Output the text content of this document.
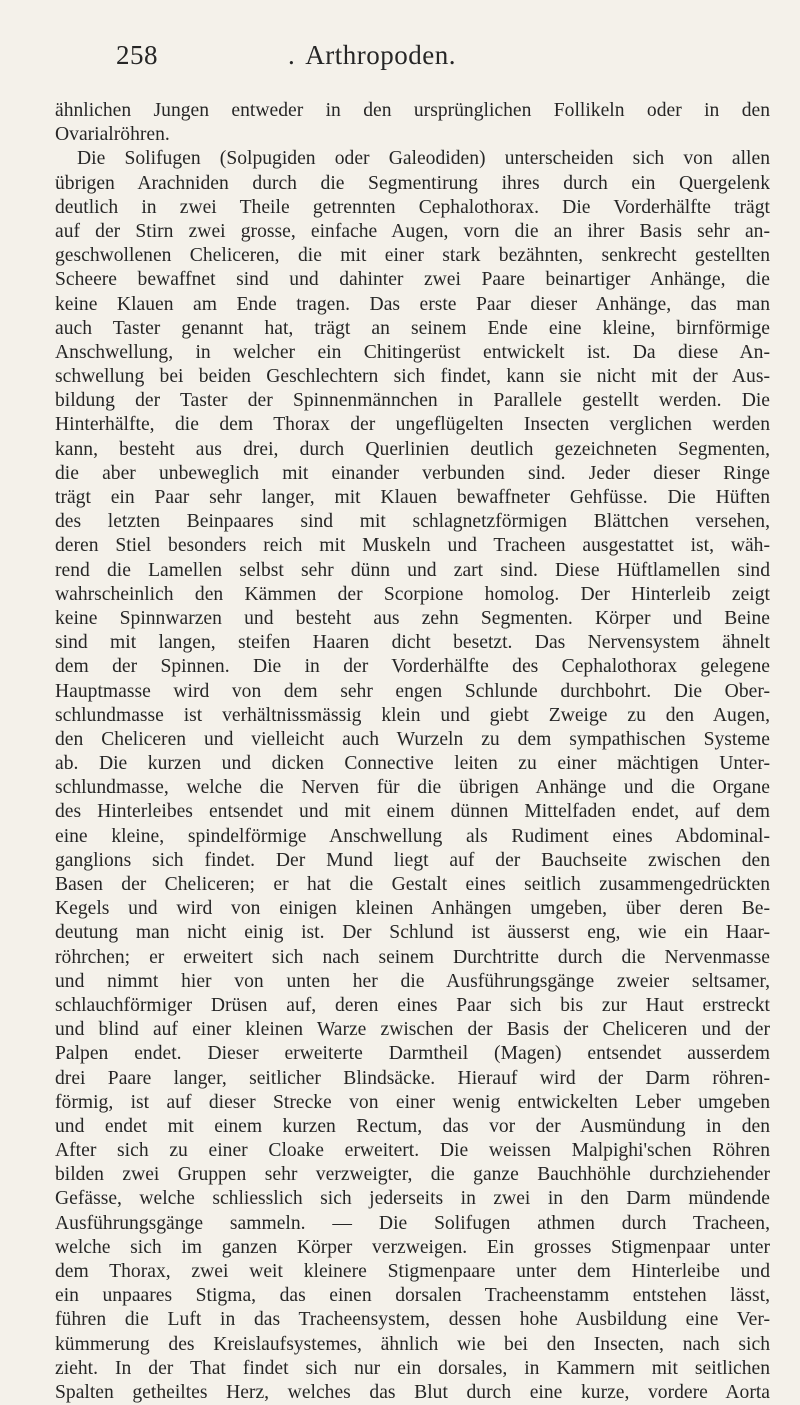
258	. Arthropoden.
ähnlichen Jungen entweder in den ursprünglichen Follikeln oder in den
Ovarialröhren.
Die Solifugen (Solpugiden oder Galeodiden) unterscheiden sich von allen
übrigen Arachniden durch die Segmentirung ihres durch ein Quergelenk
deutlich in zwei Theile getrennten Cephalothorax. Die Vorderhälfte trägt
auf der Stirn zwei grosse, einfache Augen, vorn die an ihrer Basis sehr an-
geschwollenen Cheliceren, die mit einer stark bezähnten, senkrecht gestellten
Scheere bewaffnet sind und dahinter zwei Paare beinartiger Anhänge, die
keine Klauen am Ende tragen. Das erste Paar dieser Anhänge, das man
auch Taster genannt hat, trägt an seinem Ende eine kleine, birnförmige
Anschwellung, in welcher ein Chitingerüst entwickelt ist. Da diese An-
schwellung bei beiden Geschlechtern sich findet, kann sie nicht mit der Aus-
bildung der Taster der Spinnenmännchen in Parallele gestellt werden. Die
Hinterhälfte, die dem Thorax der ungeflügelten Insecten verglichen werden
kann, besteht aus drei, durch Querlinien deutlich gezeichneten Segmenten,
die aber unbeweglich mit einander verbunden sind. Jeder dieser Ringe
trägt ein Paar sehr langer, mit Klauen bewaffneter Gehfüsse. Die Hüften
des letzten Beinpaares sind mit schlagnetzförmigen Blättchen versehen,
deren Stiel besonders reich mit Muskeln und Tracheen ausgestattet ist, wäh-
rend die Lamellen selbst sehr dünn und zart sind. Diese Hüftlamellen sind
wahrscheinlich den Kämmen der Scorpione homolog. Der Hinterleib zeigt
keine Spinnwarzen und besteht aus zehn Segmenten. Körper und Beine
sind mit langen, steifen Haaren dicht besetzt. Das Nervensystem ähnelt
dem der Spinnen. Die in der Vorderhälfte des Cephalothorax gelegene
Hauptmasse wird von dem sehr engen Schlunde durchbohrt. Die Ober-
schlundmasse ist verhältnissmässig klein und giebt Zweige zu den Augen,
den Cheliceren und vielleicht auch Wurzeln zu dem sympathischen Systeme
ab. Die kurzen und dicken Connective leiten zu einer mächtigen Unter-
schlundmasse, welche die Nerven für die übrigen Anhänge und die Organe
des Hinterleibes entsendet und mit einem dünnen Mittelfaden endet, auf dem
eine kleine, spindelförmige Anschwellung als Rudiment eines Abdominal-
ganglions sich findet. Der Mund liegt auf der Bauchseite zwischen den
Basen der Cheliceren; er hat die Gestalt eines seitlich zusammengedrückten
Kegels und wird von einigen kleinen Anhängen umgeben, über deren Be-
deutung man nicht einig ist. Der Schlund ist äusserst eng, wie ein Haar-
röhrchen; er erweitert sich nach seinem Durchtritte durch die Nervenmasse
und nimmt hier von unten her die Ausführungsgänge zweier seltsamer,
schlauchförmiger Drüsen auf, deren eines Paar sich bis zur Haut erstreckt
und blind auf einer kleinen Warze zwischen der Basis der Cheliceren und der
Palpen endet. Dieser erweiterte Darmtheil (Magen) entsendet ausserdem
drei Paare langer, seitlicher Blindsäcke. Hierauf wird der Darm röhren-
förmig, ist auf dieser Strecke von einer wenig entwickelten Leber umgeben
und endet mit einem kurzen Rectum, das vor der Ausmündung in den
After sich zu einer Cloake erweitert. Die weissen Malpighi'schen Röhren
bilden zwei Gruppen sehr verzweigter, die ganze Bauchhöhle durchziehender
Gefässe, welche schliesslich sich jederseits in zwei in den Darm mündende
Ausführungsgänge sammeln. — Die Solifugen athmen durch Tracheen,
welche sich im ganzen Körper verzweigen. Ein grosses Stigmenpaar unter
dem Thorax, zwei weit kleinere Stigmenpaare unter dem Hinterleibe und
ein unpaares Stigma, das einen dorsalen Tracheenstamm entstehen lässt,
führen die Luft in das Tracheensystem, dessen hohe Ausbildung eine Ver-
kümmerung des Kreislaufsystemes, ähnlich wie bei den Insecten, nach sich
zieht. In der That findet sich nur ein dorsales, in Kammern mit seitlichen
Spalten getheiltes Herz, welches das Blut durch eine kurze, vordere Aorta
